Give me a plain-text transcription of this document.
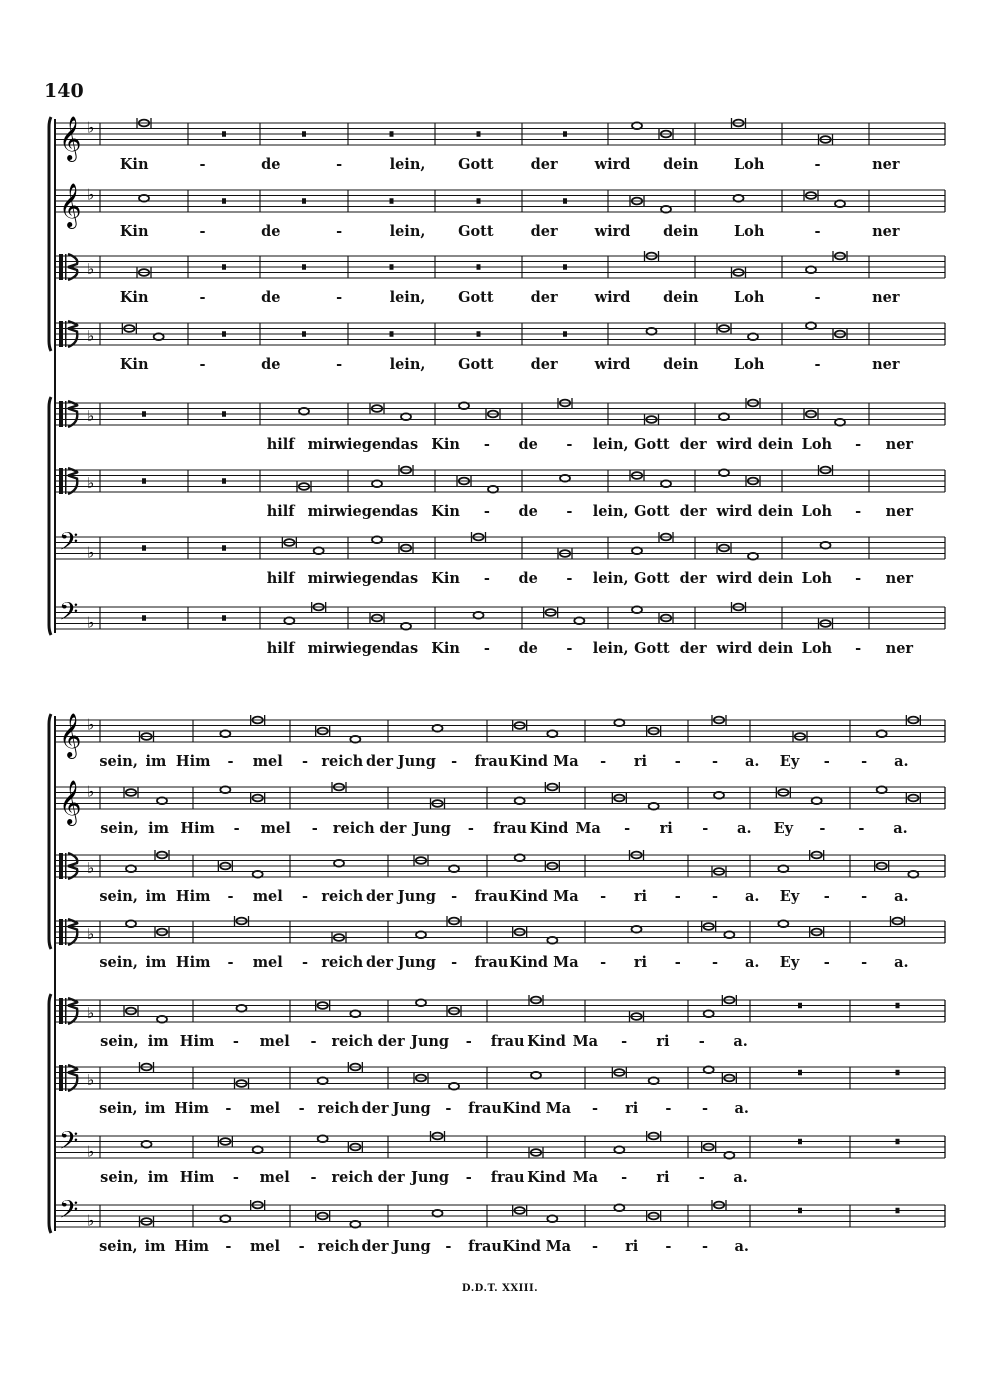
140
𝄞 ♭
Kin	-	de	-	lein, Gott	der	wird dein Loh	-	ner
𝄞 ♭
Kin	-	de	-	lein, Gott	der	wird dein Loh	-	ner
♭
Kin	-	de	-	lein, Gott	der	wird dein Loh	-	ner
♭
Kin	-	de	-	lein, Gott	der	wird dein Loh	-	ner
♭
hilf mir
wiegen
das Kin - de - lein, Gott der wird dein Loh - ner
♭
hilf mir
wiegen
das Kin - de - lein, Gott der wird dein Loh - ner
𝄢 ♭
hilf mir
wiegen
das Kin - de - lein, Gott der wird dein Loh - ner
𝄢 ♭
hilf mir
wiegen
das Kin - de - lein, Gott der wird dein Loh - ner
𝄞 ♭
sein, im Him - mel - reich der Jung - frau Kind Ma - ri - - a. Ey - - a.
𝄞 ♭
sein, im Him - mel - reich der Jung - frau Kind Ma - ri - a. Ey - - a.
♭
sein, im Him - mel - reich der Jung - frau Kind Ma - ri - - a. Ey - - a.
♭
sein, im Him - mel - reich der Jung - frau Kind Ma - ri - - a. Ey - - a.
♭
sein, im Him - mel - reich der Jung - frau Kind Ma - ri - a.
♭
sein, im Him - mel - reich der Jung - frau Kind Ma - ri - - a.
𝄢 ♭
sein, im Him - mel - reich der Jung - frau Kind Ma - ri - a.
𝄢 ♭
sein, im Him - mel - reich der Jung - frau Kind Ma - ri - - a.
D.D.T. XXIII.
